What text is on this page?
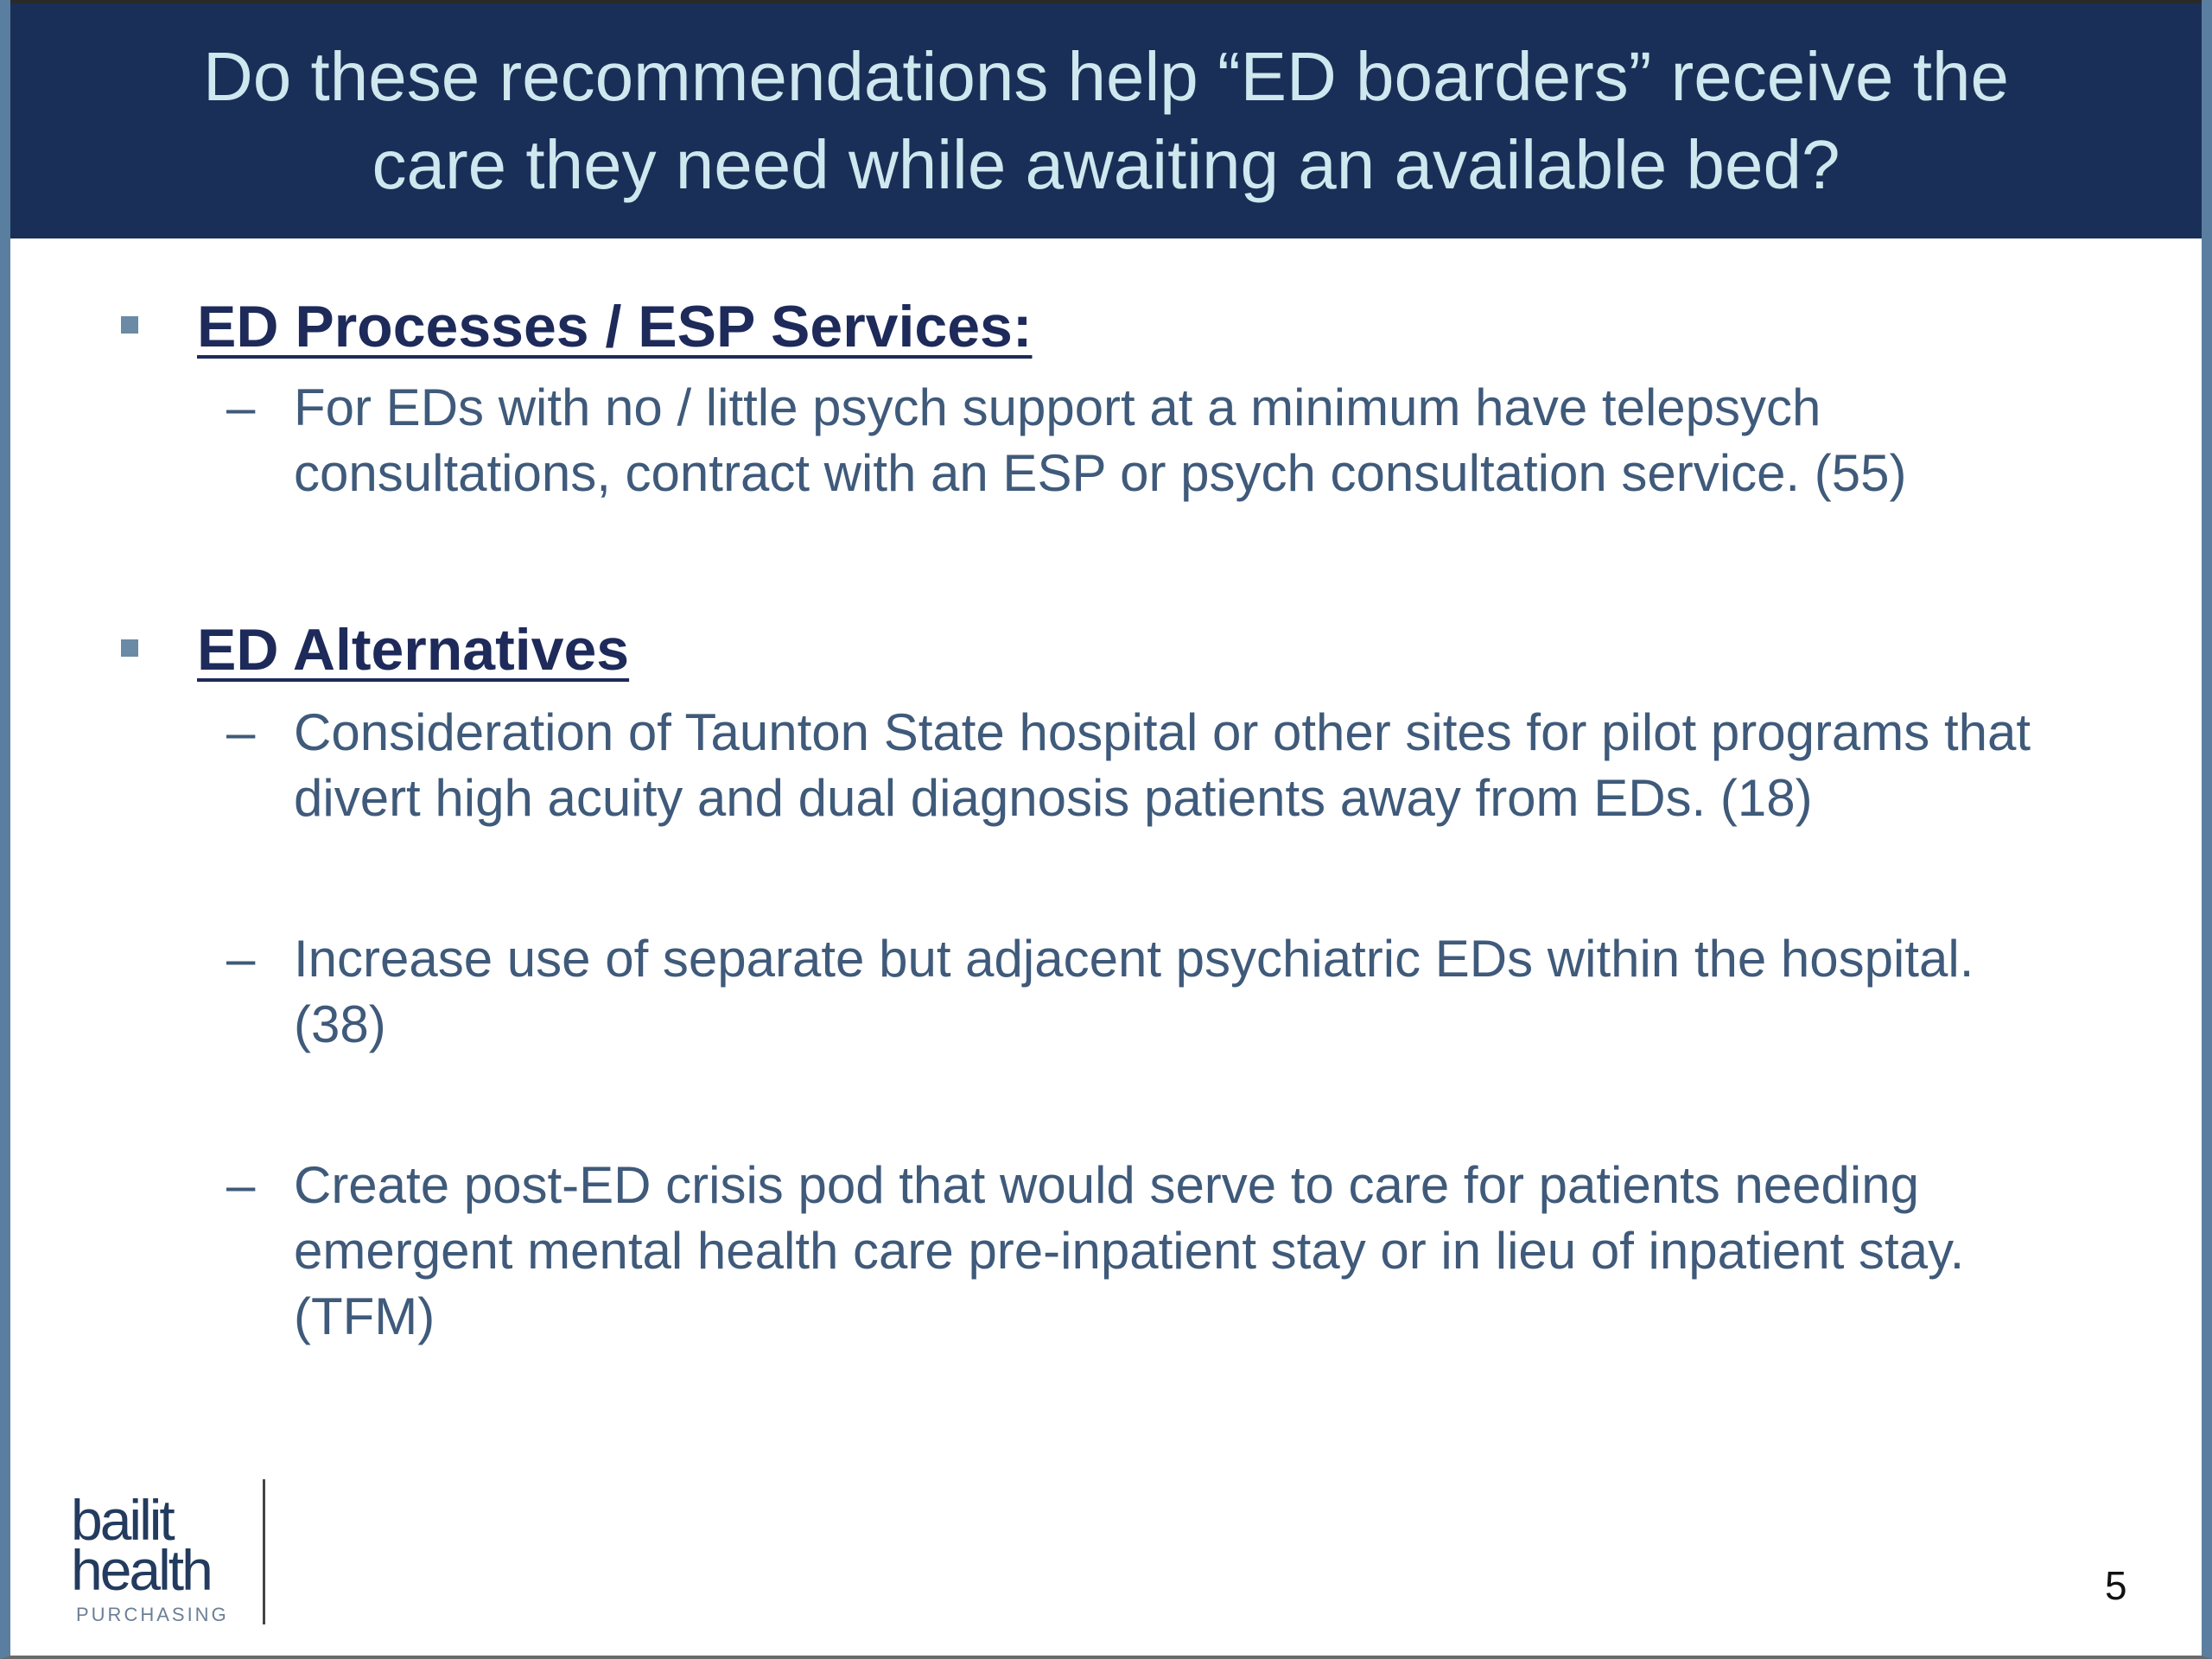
Do these recommendations help “ED boarders” receive the
care they need while awaiting an available bed?
ED Processes / ESP Services:
– For EDs with no / little psych support at a minimum have telepsych
consultations, contract with an ESP or psych consultation service. (55)
ED Alternatives
– Consideration of Taunton State hospital or other sites for pilot programs that
divert high acuity and dual diagnosis patients away from EDs. (18)
– Increase use of separate but adjacent psychiatric EDs within the hospital.
(38)
– Create post-ED crisis pod that would serve to care for patients needing
emergent mental health care pre-inpatient stay or in lieu of inpatient stay.
(TFM)
bailit
health
PURCHASING
5
